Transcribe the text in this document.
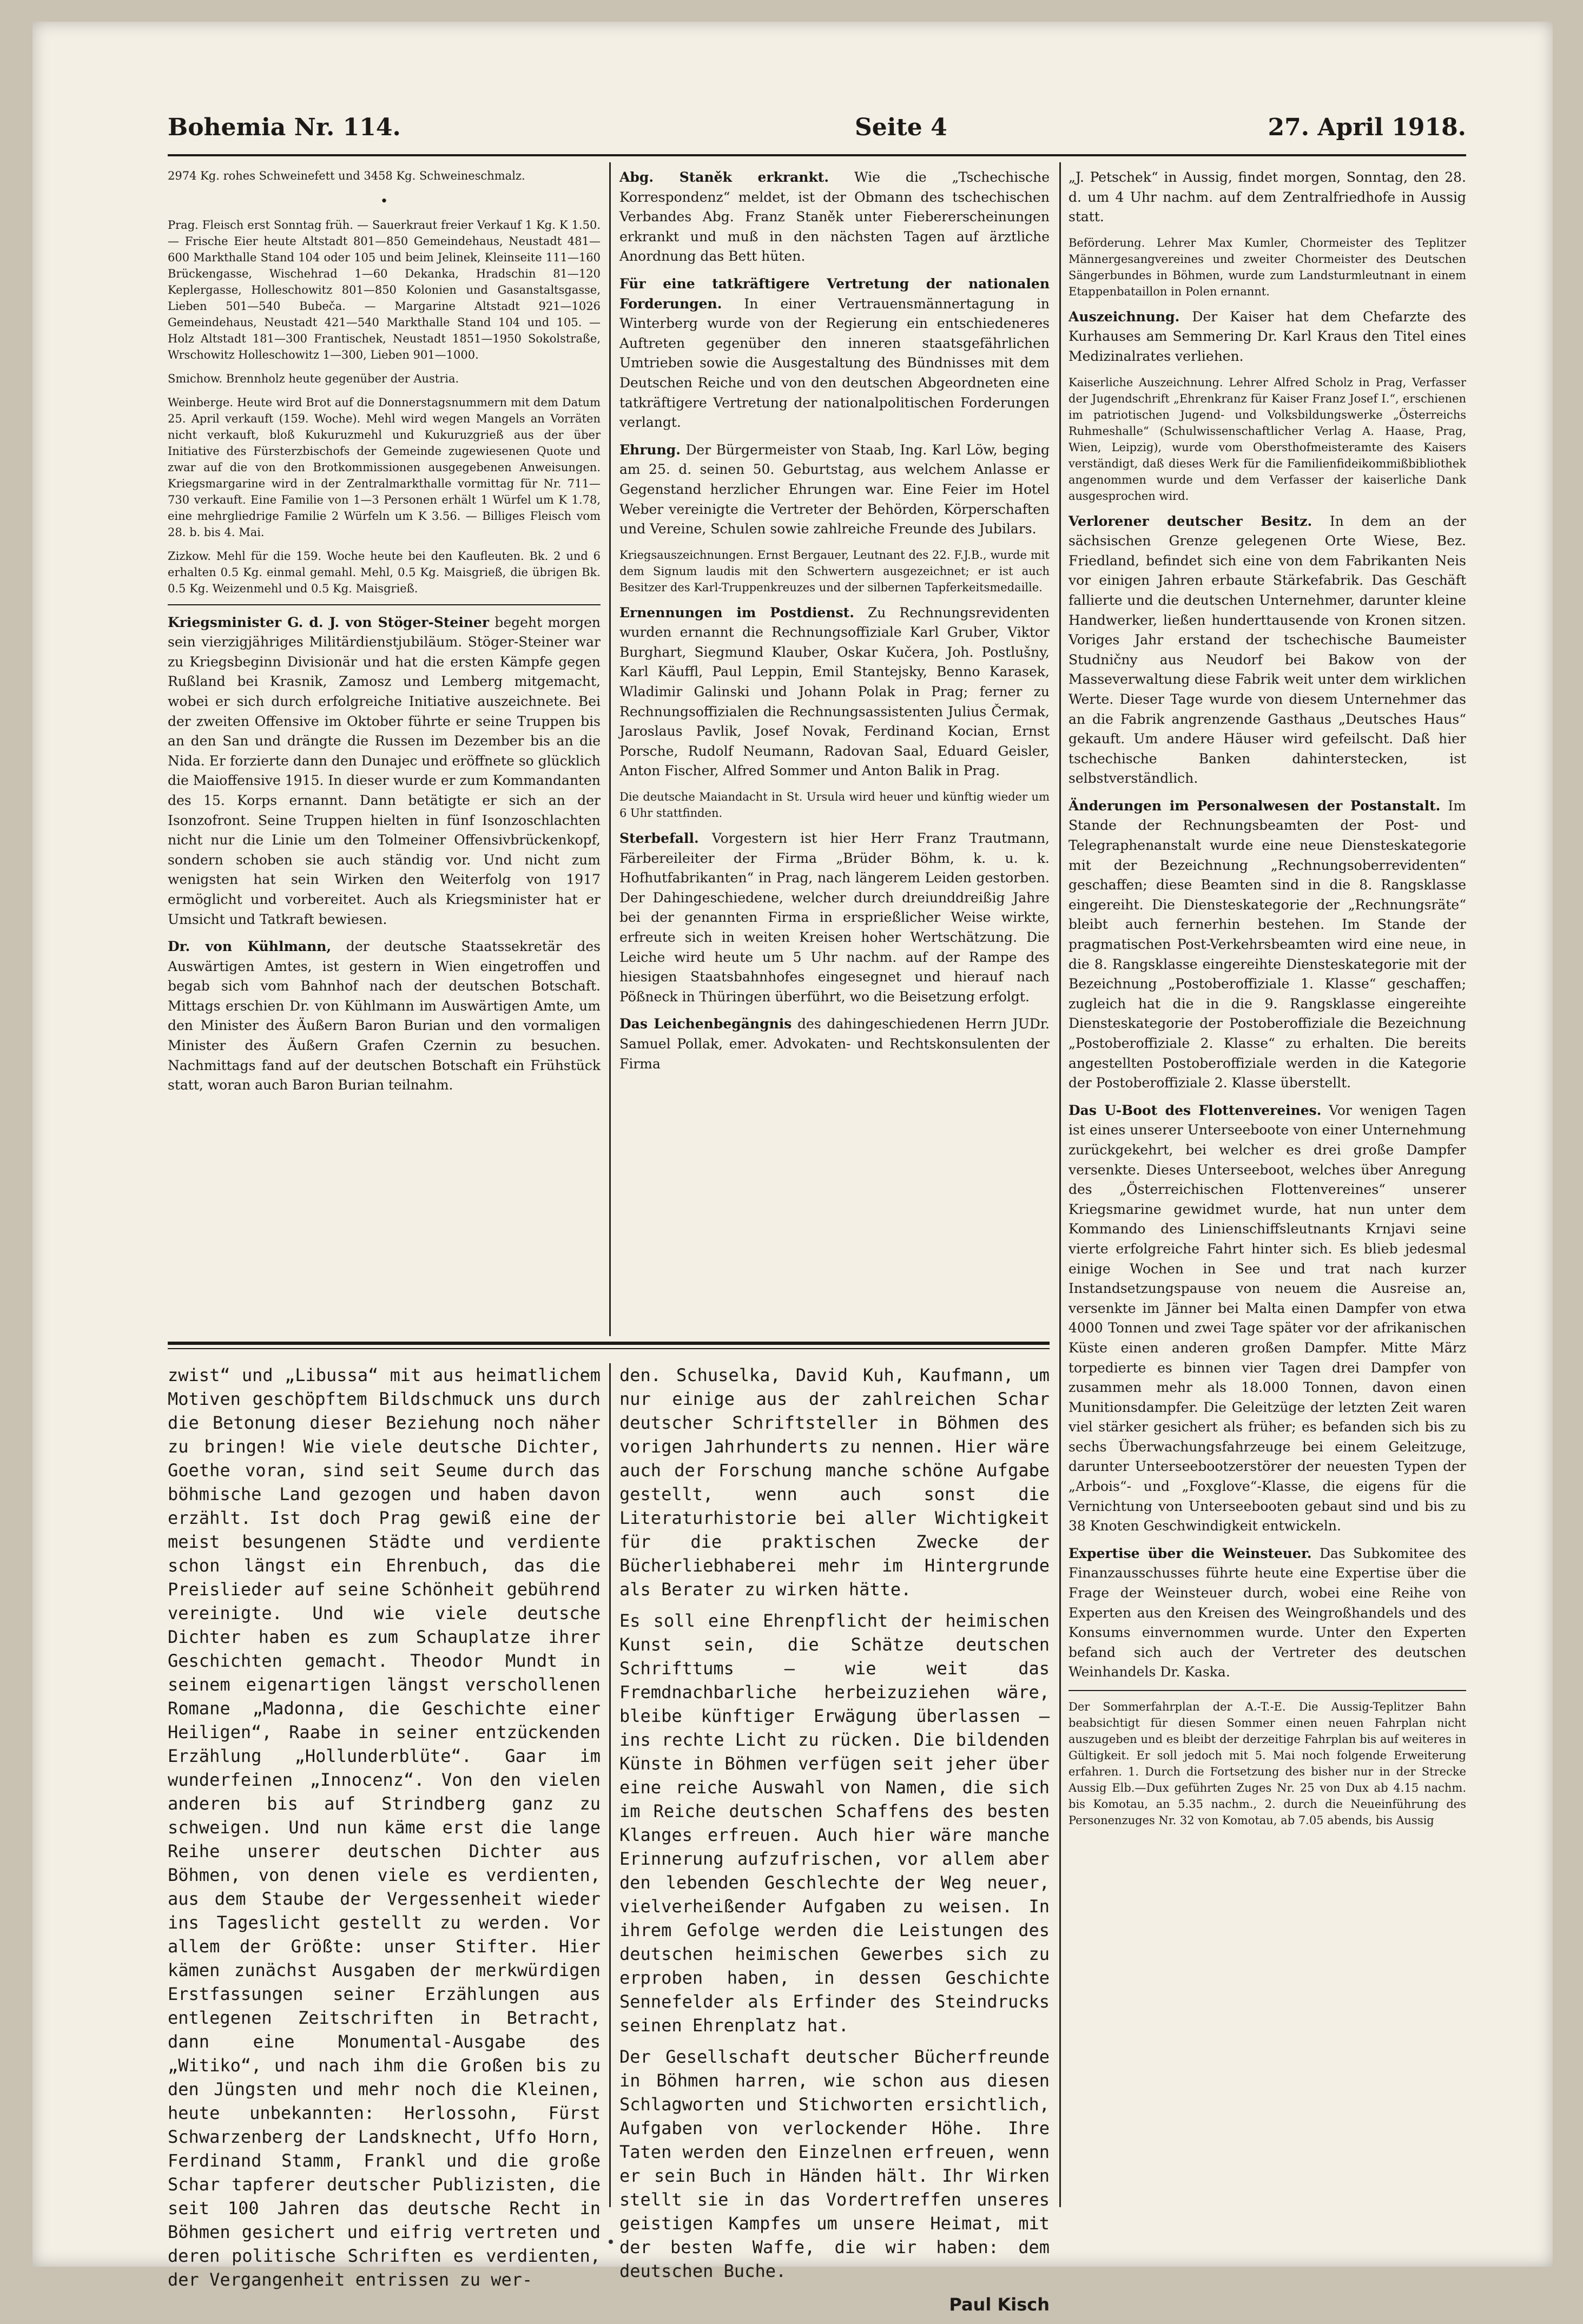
Bohemia Nr. 114.	Seite 4	27. April 1918.

2974 Kg. rohes Schweinefett und 3458 Kg. Schweineschmalz.

•

Prag. Fleisch erst Sonntag früh. — Sauerkraut freier Verkauf 1 Kg. K 1.50. — Frische Eier heute Altstadt 801—850 Gemeindehaus, Neustadt 481—600 Markthalle Stand 104 oder 105 und beim Jelinek, Kleinseite 111—160 Brückengasse, Wischehrad 1—60 Dekanka, Hradschin 81—120 Keplergasse, Holleschowitz 801—850 Kolonien und Gasanstaltsgasse, Lieben 501—540 Bubeča. — Margarine Altstadt 921—1026 Gemeindehaus, Neustadt 421—540 Markthalle Stand 104 und 105. — Holz Altstadt 181—300 Frantischek, Neustadt 1851—1950 Sokolstraße, Wrschowitz Holleschowitz 1—300, Lieben 901—1000.

Smichow. Brennholz heute gegenüber der Austria.

Weinberge. Heute wird Brot auf die Donnerstagsnummern mit dem Datum 25. April verkauft (159. Woche). Mehl wird wegen Mangels an Vorräten nicht verkauft, bloß Kukuruzmehl und Kukuruzgrieß aus der über Initiative des Fürsterzbischofs der Gemeinde zugewiesenen Quote und zwar auf die von den Brotkommissionen ausgegebenen Anweisungen. Kriegsmargarine wird in der Zentralmarkthalle vormittag für Nr. 711—730 verkauft. Eine Familie von 1—3 Personen erhält 1 Würfel um K 1.78, eine mehrgliedrige Familie 2 Würfeln um K 3.56. — Billiges Fleisch vom 28. b. bis 4. Mai.

Zizkow. Mehl für die 159. Woche heute bei den Kaufleuten. Bk. 2 und 6 erhalten 0.5 Kg. einmal gemahl. Mehl, 0.5 Kg. Maisgrieß, die übrigen Bk. 0.5 Kg. Weizenmehl und 0.5 Kg. Maisgrieß.

Kriegsminister G. d. J. von Stöger-Steiner begeht morgen sein vierzigjähriges Militärdienstjubiläum. Stöger-Steiner war zu Kriegsbeginn Divisionär und hat die ersten Kämpfe gegen Rußland bei Krasnik, Zamosz und Lemberg mitgemacht, wobei er sich durch erfolgreiche Initiative auszeichnete. Bei der zweiten Offensive im Oktober führte er seine Truppen bis an den San und drängte die Russen im Dezember bis an die Nida. Er forzierte dann den Dunajec und eröffnete so glücklich die Maioffensive 1915. In dieser wurde er zum Kommandanten des 15. Korps ernannt. Dann betätigte er sich an der Isonzofront. Seine Truppen hielten in fünf Isonzoschlachten nicht nur die Linie um den Tolmeiner Offensivbrückenkopf, sondern schoben sie auch ständig vor. Und nicht zum wenigsten hat sein Wirken den Weiterfolg von 1917 ermöglicht und vorbereitet. Auch als Kriegsminister hat er Umsicht und Tatkraft bewiesen.

Dr. von Kühlmann, der deutsche Staatssekretär des Auswärtigen Amtes, ist gestern in Wien eingetroffen und begab sich vom Bahnhof nach der deutschen Botschaft. Mittags erschien Dr. von Kühlmann im Auswärtigen Amte, um den Minister des Äußern Baron Burian und den vormaligen Minister des Äußern Grafen Czernin zu besuchen. Nachmittags fand auf der deutschen Botschaft ein Frühstück statt, woran auch Baron Burian teilnahm.

Abg. Staněk erkrankt. Wie die „Tschechische Korrespondenz“ meldet, ist der Obmann des tschechischen Verbandes Abg. Franz Staněk unter Fiebererscheinungen erkrankt und muß in den nächsten Tagen auf ärztliche Anordnung das Bett hüten.

Für eine tatkräftigere Vertretung der nationalen Forderungen. In einer Vertrauensmännertagung in Winterberg wurde von der Regierung ein entschiedeneres Auftreten gegenüber den inneren staatsgefährlichen Umtrieben sowie die Ausgestaltung des Bündnisses mit dem Deutschen Reiche und von den deutschen Abgeordneten eine tatkräftigere Vertretung der nationalpolitischen Forderungen verlangt.

Ehrung. Der Bürgermeister von Staab, Ing. Karl Löw, beging am 25. d. seinen 50. Geburtstag, aus welchem Anlasse er Gegenstand herzlicher Ehrungen war. Eine Feier im Hotel Weber vereinigte die Vertreter der Behörden, Körperschaften und Vereine, Schulen sowie zahlreiche Freunde des Jubilars.

Kriegsauszeichnungen. Ernst Bergauer, Leutnant des 22. F.J.B., wurde mit dem Signum laudis mit den Schwertern ausgezeichnet; er ist auch Besitzer des Karl-Truppenkreuzes und der silbernen Tapferkeitsmedaille.

Ernennungen im Postdienst. Zu Rechnungsrevidenten wurden ernannt die Rechnungsoffiziale Karl Gruber, Viktor Burghart, Siegmund Klauber, Oskar Kučera, Joh. Postlušny, Karl Käuffl, Paul Leppin, Emil Stantejsky, Benno Karasek, Wladimir Galinski und Johann Polak in Prag; ferner zu Rechnungsoffizialen die Rechnungsassistenten Julius Čermak, Jaroslaus Pavlik, Josef Novak, Ferdinand Kocian, Ernst Porsche, Rudolf Neumann, Radovan Saal, Eduard Geisler, Anton Fischer, Alfred Sommer und Anton Balik in Prag.

Die deutsche Maiandacht in St. Ursula wird heuer und künftig wieder um 6 Uhr stattfinden.

Sterbefall. Vorgestern ist hier Herr Franz Trautmann, Färbereileiter der Firma „Brüder Böhm, k. u. k. Hofhutfabrikanten“ in Prag, nach längerem Leiden gestorben. Der Dahingeschiedene, welcher durch dreiunddreißig Jahre bei der genannten Firma in ersprießlicher Weise wirkte, erfreute sich in weiten Kreisen hoher Wertschätzung. Die Leiche wird heute um 5 Uhr nachm. auf der Rampe des hiesigen Staatsbahnhofes eingesegnet und hierauf nach Pößneck in Thüringen überführt, wo die Beisetzung erfolgt.

Das Leichenbegängnis des dahingeschiedenen Herrn JUDr. Samuel Pollak, emer. Advokaten- und Rechtskonsulenten der Firma

„J. Petschek“ in Aussig, findet morgen, Sonntag, den 28. d. um 4 Uhr nachm. auf dem Zentralfriedhofe in Aussig statt.

Beförderung. Lehrer Max Kumler, Chormeister des Teplitzer Männergesangvereines und zweiter Chormeister des Deutschen Sängerbundes in Böhmen, wurde zum Landsturmleutnant in einem Etappenbataillon in Polen ernannt.

Auszeichnung. Der Kaiser hat dem Chefarzte des Kurhauses am Semmering Dr. Karl Kraus den Titel eines Medizinalrates verliehen.

Kaiserliche Auszeichnung. Lehrer Alfred Scholz in Prag, Verfasser der Jugendschrift „Ehrenkranz für Kaiser Franz Josef I.“, erschienen im patriotischen Jugend- und Volksbildungswerke „Österreichs Ruhmeshalle“ (Schulwissenschaftlicher Verlag A. Haase, Prag, Wien, Leipzig), wurde vom Obersthofmeisteramte des Kaisers verständigt, daß dieses Werk für die Familienfideikommißbibliothek angenommen wurde und dem Verfasser der kaiserliche Dank ausgesprochen wird.

Verlorener deutscher Besitz. In dem an der sächsischen Grenze gelegenen Orte Wiese, Bez. Friedland, befindet sich eine von dem Fabrikanten Neis vor einigen Jahren erbaute Stärkefabrik. Das Geschäft fallierte und die deutschen Unternehmer, darunter kleine Handwerker, ließen hunderttausende von Kronen sitzen. Voriges Jahr erstand der tschechische Baumeister Studničny aus Neudorf bei Bakow von der Masseverwaltung diese Fabrik weit unter dem wirklichen Werte. Dieser Tage wurde von diesem Unternehmer das an die Fabrik angrenzende Gasthaus „Deutsches Haus“ gekauft. Um andere Häuser wird gefeilscht. Daß hier tschechische Banken dahinterstecken, ist selbstverständlich.

Änderungen im Personalwesen der Postanstalt. Im Stande der Rechnungsbeamten der Post- und Telegraphenanstalt wurde eine neue Diensteskategorie mit der Bezeichnung „Rechnungsoberrevidenten“ geschaffen; diese Beamten sind in die 8. Rangsklasse eingereiht. Die Diensteskategorie der „Rechnungsräte“ bleibt auch fernerhin bestehen. Im Stande der pragmatischen Post-Verkehrsbeamten wird eine neue, in die 8. Rangsklasse eingereihte Diensteskategorie mit der Bezeichnung „Postoberoffiziale 1. Klasse“ geschaffen; zugleich hat die in die 9. Rangsklasse eingereihte Diensteskategorie der Postoberoffiziale die Bezeichnung „Postoberoffiziale 2. Klasse“ zu erhalten. Die bereits angestellten Postoberoffiziale werden in die Kategorie der Postoberoffiziale 2. Klasse überstellt.

Das U-Boot des Flottenvereines. Vor wenigen Tagen ist eines unserer Unterseeboote von einer Unternehmung zurückgekehrt, bei welcher es drei große Dampfer versenkte. Dieses Unterseeboot, welches über Anregung des „Österreichischen Flottenvereines“ unserer Kriegsmarine gewidmet wurde, hat nun unter dem Kommando des Linienschiffsleutnants Krnjavi seine vierte erfolgreiche Fahrt hinter sich. Es blieb jedesmal einige Wochen in See und trat nach kurzer Instandsetzungspause von neuem die Ausreise an, versenkte im Jänner bei Malta einen Dampfer von etwa 4000 Tonnen und zwei Tage später vor der afrikanischen Küste einen anderen großen Dampfer. Mitte März torpedierte es binnen vier Tagen drei Dampfer von zusammen mehr als 18.000 Tonnen, davon einen Munitionsdampfer. Die Geleitzüge der letzten Zeit waren viel stärker gesichert als früher; es befanden sich bis zu sechs Überwachungsfahrzeuge bei einem Geleitzuge, darunter Unterseebootzerstörer der neuesten Typen der „Arbois“- und „Foxglove“-Klasse, die eigens für die Vernichtung von Unterseebooten gebaut sind und bis zu 38 Knoten Geschwindigkeit entwickeln.

Expertise über die Weinsteuer. Das Subkomitee des Finanzausschusses führte heute eine Expertise über die Frage der Weinsteuer durch, wobei eine Reihe von Experten aus den Kreisen des Weingroßhandels und des Konsums einvernommen wurde. Unter den Experten befand sich auch der Vertreter des deutschen Weinhandels Dr. Kaska.

Der Sommerfahrplan der A.-T.-E. Die Aussig-Teplitzer Bahn beabsichtigt für diesen Sommer einen neuen Fahrplan nicht auszugeben und es bleibt der derzeitige Fahrplan bis auf weiteres in Gültigkeit. Er soll jedoch mit 5. Mai noch folgende Erweiterung erfahren. 1. Durch die Fortsetzung des bisher nur in der Strecke Aussig Elb.—Dux geführten Zuges Nr. 25 von Dux ab 4.15 nachm. bis Komotau, an 5.35 nachm., 2. durch die Neueinführung des Personenzuges Nr. 32 von Komotau, ab 7.05 abends, bis Aussig

zwist“ und „Libussa“ mit aus heimatlichem Motiven geschöpftem Bildschmuck uns durch die Betonung dieser Beziehung noch näher zu bringen! Wie viele deutsche Dichter, Goethe voran, sind seit Seume durch das böhmische Land gezogen und haben davon erzählt. Ist doch Prag gewiß eine der meist besungenen Städte und verdiente schon längst ein Ehrenbuch, das die Preislieder auf seine Schönheit gebührend vereinigte. Und wie viele deutsche Dichter haben es zum Schauplatze ihrer Geschichten gemacht. Theodor Mundt in seinem eigenartigen längst verschollenen Romane „Madonna, die Geschichte einer Heiligen“, Raabe in seiner entzückenden Erzählung „Hollunderblüte“. Gaar im wunderfeinen „Innocenz“. Von den vielen anderen bis auf Strindberg ganz zu schweigen. Und nun käme erst die lange Reihe unserer deutschen Dichter aus Böhmen, von denen viele es verdienten, aus dem Staube der Vergessenheit wieder ins Tageslicht gestellt zu werden. Vor allem der Größte: unser Stifter. Hier kämen zunächst Ausgaben der merkwürdigen Erstfassungen seiner Erzählungen aus entlegenen Zeitschriften in Betracht, dann eine Monumental-Ausgabe des „Witiko“, und nach ihm die Großen bis zu den Jüngsten und mehr noch die Kleinen, heute unbekannten: Herlossohn, Fürst Schwarzenberg der Landsknecht, Uffo Horn, Ferdinand Stamm, Frankl und die große Schar tapferer deutscher Publizisten, die seit 100 Jahren das deutsche Recht in Böhmen gesichert und eifrig vertreten und deren politische Schriften es verdienten, der Vergangenheit entrissen zu wer-

den. Schuselka, David Kuh, Kaufmann, um nur einige aus der zahlreichen Schar deutscher Schriftsteller in Böhmen des vorigen Jahrhunderts zu nennen. Hier wäre auch der Forschung manche schöne Aufgabe gestellt, wenn auch sonst die Literaturhistorie bei aller Wichtigkeit für die praktischen Zwecke der Bücherliebhaberei mehr im Hintergrunde als Berater zu wirken hätte.

Es soll eine Ehrenpflicht der heimischen Kunst sein, die Schätze deutschen Schrifttums — wie weit das Fremdnachbarliche herbeizuziehen wäre, bleibe künftiger Erwägung überlassen — ins rechte Licht zu rücken. Die bildenden Künste in Böhmen verfügen seit jeher über eine reiche Auswahl von Namen, die sich im Reiche deutschen Schaffens des besten Klanges erfreuen. Auch hier wäre manche Erinnerung aufzufrischen, vor allem aber den lebenden Geschlechte der Weg neuer, vielverheißender Aufgaben zu weisen. In ihrem Gefolge werden die Leistungen des deutschen heimischen Gewerbes sich zu erproben haben, in dessen Geschichte Sennefelder als Erfinder des Steindrucks seinen Ehrenplatz hat.

Der Gesellschaft deutscher Bücherfreunde in Böhmen harren, wie schon aus diesen Schlagworten und Stichworten ersichtlich, Aufgaben von verlockender Höhe. Ihre Taten werden den Einzelnen erfreuen, wenn er sein Buch in Händen hält. Ihr Wirken stellt sie in das Vordertreffen unseres geistigen Kampfes um unsere Heimat, mit der besten Waffe, die wir haben: dem deutschen Buche.

Paul Kisch
